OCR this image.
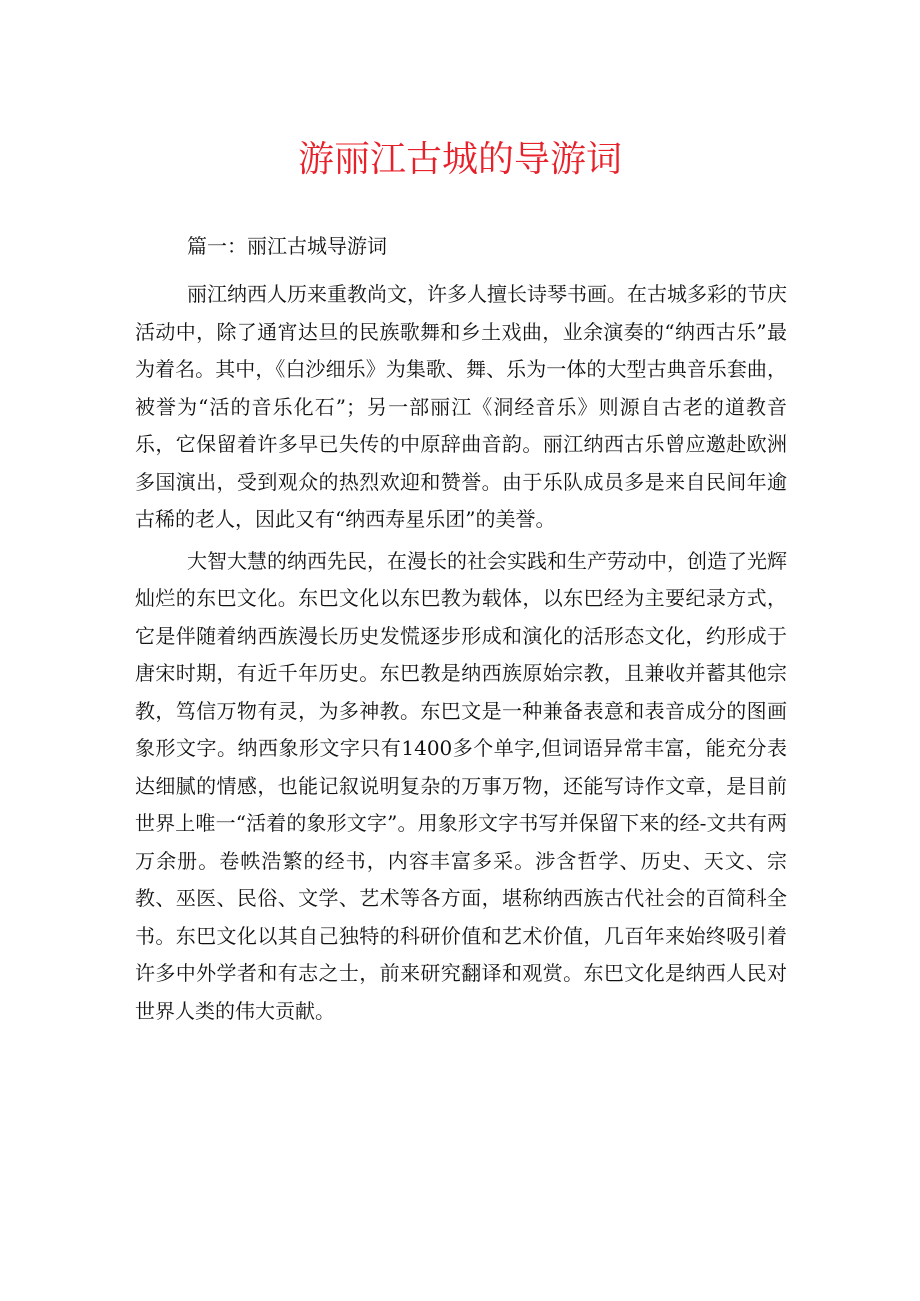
游丽江古城的导游词

篇一：丽江古城导游词

丽江纳西人历来重教尚文，许多人擅长诗琴书画。在古城多彩的节庆活动中，除了通宵达旦的民族歌舞和乡土戏曲，业余演奏的“纳西古乐”最为着名。其中，《白沙细乐》为集歌、舞、乐为一体的大型古典音乐套曲，被誉为“活的音乐化石”；另一部丽江《洞经音乐》则源自古老的道教音乐，它保留着许多早已失传的中原辞曲音韵。丽江纳西古乐曾应邀赴欧洲多国演出，受到观众的热烈欢迎和赞誉。由于乐队成员多是来自民间年逾古稀的老人，因此又有“纳西寿星乐团”的美誉。

大智大慧的纳西先民，在漫长的社会实践和生产劳动中，创造了光辉灿烂的东巴文化。东巴文化以东巴教为载体，以东巴经为主要纪录方式，它是伴随着纳西族漫长历史发慌逐步形成和演化的活形态文化，约形成于唐宋时期，有近千年历史。东巴教是纳西族原始宗教，且兼收并蓄其他宗教，笃信万物有灵，为多神教。东巴文是一种兼备表意和表音成分的图画象形文字。纳西象形文字只有1400多个单字,但词语异常丰富，能充分表达细腻的情感，也能记叙说明复杂的万事万物，还能写诗作文章，是目前世界上唯一“活着的象形文字”。用象形文字书写并保留下来的经-文共有两万余册。卷帙浩繁的经书，内容丰富多采。涉含哲学、历史、天文、宗教、巫医、民俗、文学、艺术等各方面，堪称纳西族古代社会的百简科全书。东巴文化以其自己独特的科研价值和艺术价值，几百年来始终吸引着许多中外学者和有志之士，前来研究翻译和观赏。东巴文化是纳西人民对世界人类的伟大贡献。
